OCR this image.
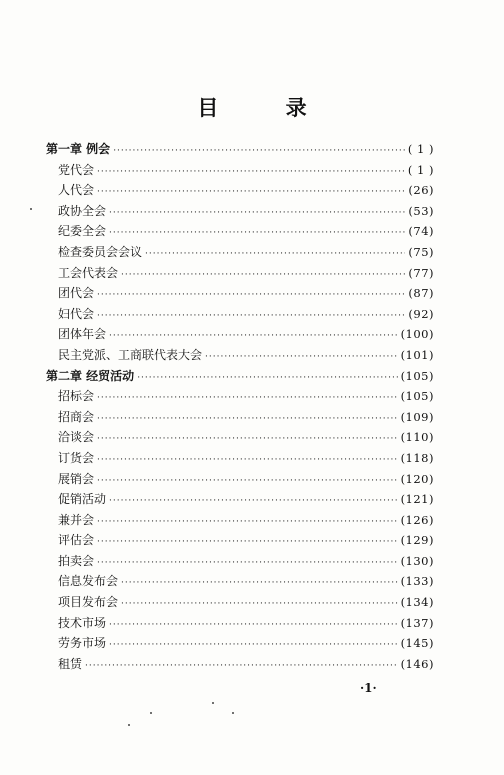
目 录
第一章 例会 ·····	( 1 )
党代会 ·····	( 1 )
人代会 ·····	(26)
政协全会 ·····	(53)
纪委全会 ·····	(74)
检查委员会会议 ·····	(75)
工会代表会 ·····	(77)
团代会 ·····	(87)
妇代会 ·····	(92)
团体年会 ·····	(100)
民主党派、工商联代表大会 ·····	(101)
第二章 经贸活动 ·····	(105)
招标会 ·····	(105)
招商会 ·····	(109)
洽谈会 ·····	(110)
订货会 ·····	(118)
展销会 ·····	(120)
促销活动 ·····	(121)
兼并会 ·····	(126)
评估会 ·····	(129)
拍卖会 ·····	(130)
信息发布会 ·····	(133)
项目发布会 ·····	(134)
技术市场 ·····	(137)
劳务市场 ·····	(145)
租赁 ·····	(146)
·1·
